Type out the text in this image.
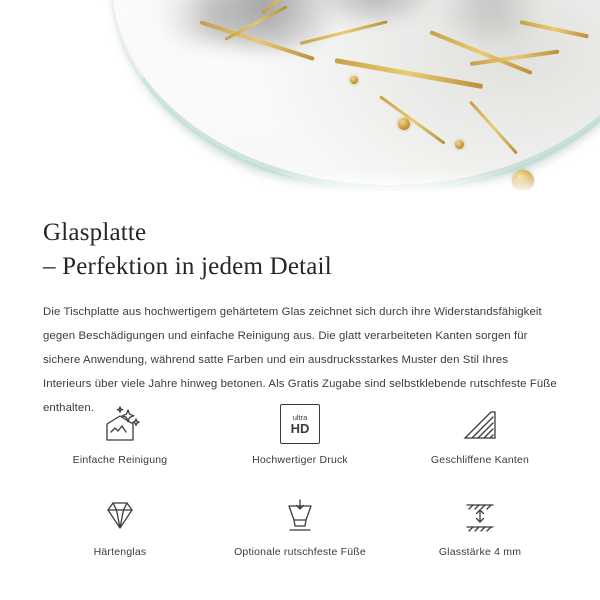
Glasplatte
– Perfektion in jedem Detail

Die Tischplatte aus hochwertigem gehärtetem Glas zeichnet sich durch ihre Widerstandsfähigkeit gegen Beschädigungen und einfache Reinigung aus. Die glatt verarbeiteten Kanten sorgen für sichere Anwendung, während satte Farben und ein ausdrucksstarkes Muster den Stil Ihres Interieurs über viele Jahre hinweg betonen. Als Gratis Zugabe sind selbstklebende rutschfeste Füße enthalten.

Einfache Reinigung
ultra
HD
Hochwertiger Druck	Geschliffene Kanten
Härtenglas	Optionale rutschfeste Füße	Glasstärke 4 mm
